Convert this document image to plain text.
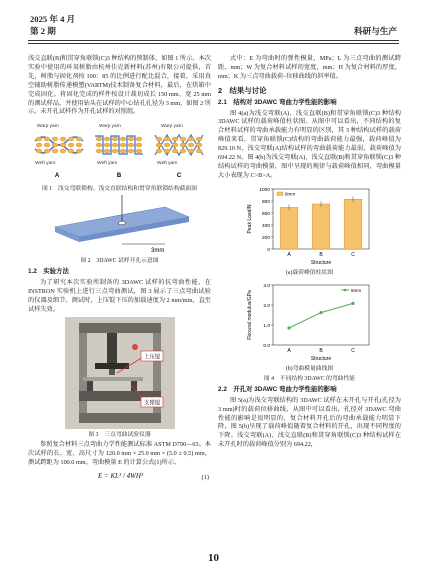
2025 年 4 月
第 2 期	科研与生产

浅交直联(B)和贯穿角联锁(C)3 种结构的预制体，如图 1 所示。本次实验中使用的环氧树脂由杭州佳克新材料(苏州)有限公司提供，首先，树脂与固化剂按 100：85 的比例进行配比混合，接着，采用真空辅助树脂传递模塑(VARTM)技术制备复合材料，最后，在烘箱中完成固化。将固化完成的样件按设计裁切成长 150 mm、宽 25 mm 的测试样品，并使用钻头在试样的中心钻孔孔径为 3 mm，如图 2 所示，未开孔试样作为开孔试样的对照组。

Warp yarn
Weft yarn
A
Warp yarn
Weft yarn
B
Warp yarn
Weft yarn
C

图 1　浅交弯联锁构、浅交直联结构和贯穿角联锁结构截面图

3mm

图 2　3DAWC 试样开孔示意图

1.2　实验方法

为了研究本次实验所制备的 3DAWC 试样的抗弯曲性能，在 INSTRON 实验机上进行三点弯曲测试，图 3 展示了三点弯曲试验的仪器及细节。测试时，上压锟下压的加载速度为 2 mm/min，直至试样失效。

上压锟
支撑锟

图 3　三点弯曲试验仪器

参照复合材料三点弯曲力学性能测试标准 ASTM D790—03。本次试样的长、宽、高尺寸为 120.0 mm × 25.0 mm × (5.0 ± 0.5) mm，测试跨距为 100.0 mm。弯曲模量 E 的计算公式(1)所示。

E = KL³ / 4WH³	(1)

式中：E 为弯曲时的弹性模量，MPa；L 为三点弯曲的测试跨距，mm；W 为复合材料试样的宽度，mm；H 为复合材料的厚度，mm；K 为三点弯曲载荷–位移曲线的斜率值。

2　结果与讨论
2.1　结构对 3DAWC 弯曲力学性能的影响

图 4(a)为浅交弯联(A)、浅交直联(B)和贯穿角联锁(C)3 种结构 3DAWC 试样的载荷峰值柱状图。从图中可以看出，不同结构的复合材料试样的弯曲承载能力有明显的区别，其 3 种结构试样的载荷峰值来看，贯穿角联锁(C)结构的弯曲载荷能力最强，载荷峰值为 829.10 N，浅交弯联(A)结构试样的弯曲载荷能力最弱，载荷峰值为 694.22 N。图 4(b)为浅交弯联(A)、浅交直联(B)和贯穿角联锁(C)3 种结构试样的弯曲模量，图中呈现的规律与载荷峰值相同，弯曲模量大小表现为 C>B>A。

0
200
400
600
800
1000
Peak Load/N
Structure
A	B	C
8mm

(a)载荷峰值柱状图

0.0
1.0
2.0
3.0
Flexural modulus/GPa
Structure
A	B	C
8mm

(b)弯曲模量曲线图

图 4　不同结构 3DAWC 的弯曲性能

2.2　开孔对 3DAWC 弯曲力学性能的影响

图 5(a)为浅交弯联结构的 3DAWC 试样在未开孔与开孔(孔径为 3 mm)时的载荷位移曲线，从图中可以看出，孔径对 3DAWC 弯曲性能的影响是很明显的，复合材料开孔后的弯曲承载能力明显下降，图 5(b)呈现了载荷峰值随着复合材料的开孔，出现不同程度的下降。浅交弯联(A)、浅交直联(B)和贯穿角联锁(C)3 种结构试样在未开孔时的载荷峰值分别为 694.22，

10
